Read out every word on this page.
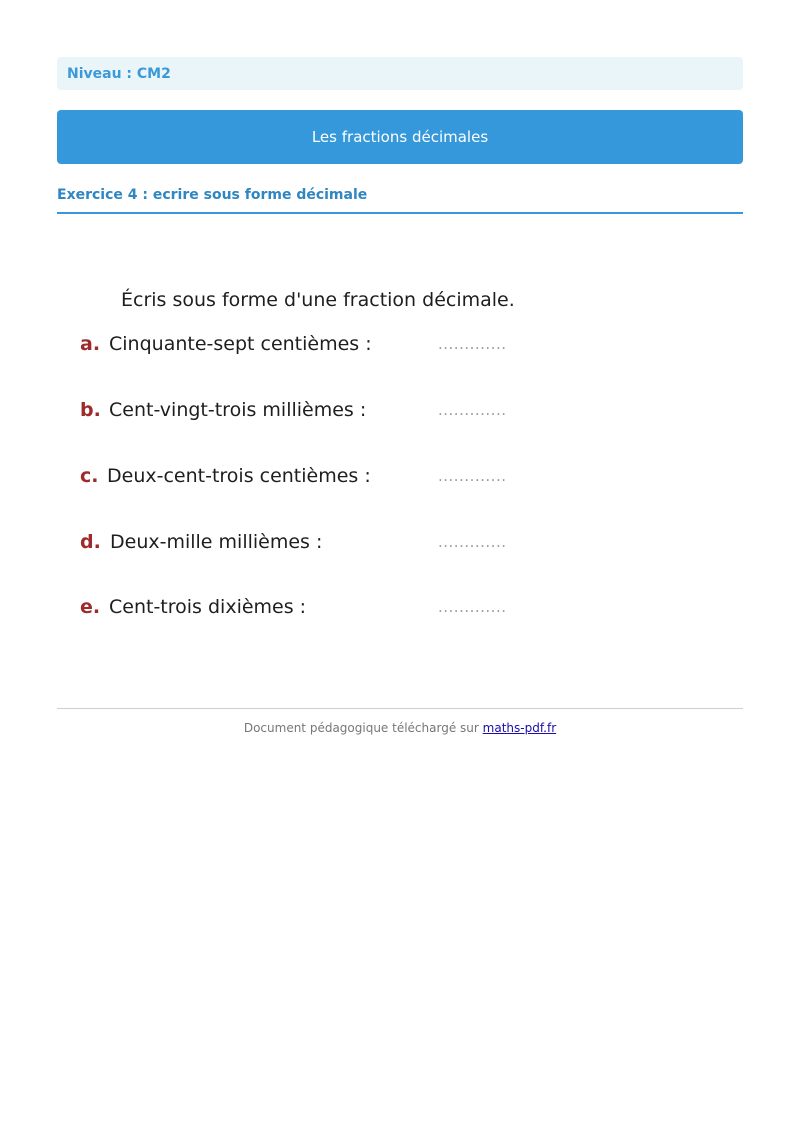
Niveau : CM2
Les fractions décimales
Exercice 4 : ecrire sous forme décimale
Écris sous forme d'une fraction décimale.
a. Cinquante-sept centièmes :	.............
b. Cent-vingt-trois millièmes :	.............
c. Deux-cent-trois centièmes :	.............
d. Deux-mille millièmes :	.............
e. Cent-trois dixièmes :	.............
Document pédagogique téléchargé sur maths-pdf.fr
